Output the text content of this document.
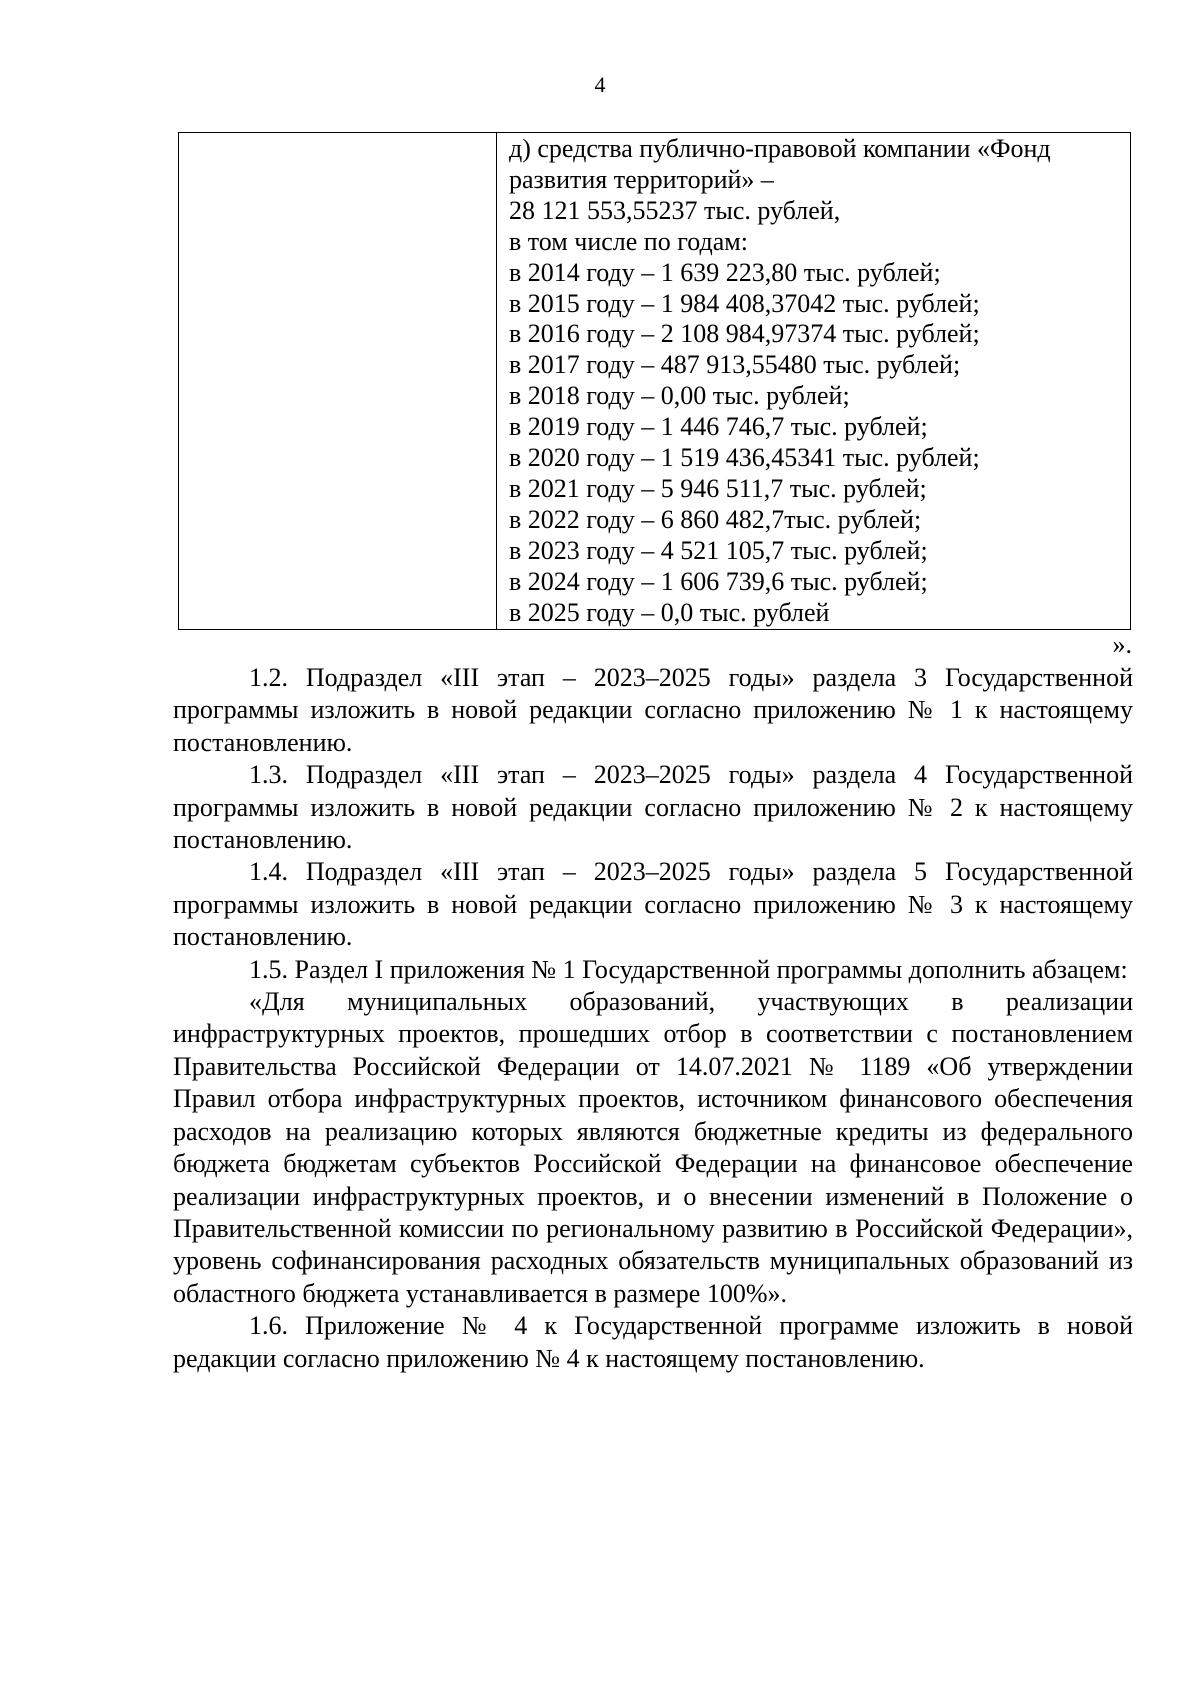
4

д) средства публично-правовой компании «Фонд
развития территорий» –
28 121 553,55237 тыс. рублей,
в том числе по годам:
в 2014 году – 1 639 223,80 тыс. рублей;
в 2015 году – 1 984 408,37042 тыс. рублей;
в 2016 году – 2 108 984,97374 тыс. рублей;
в 2017 году – 487 913,55480 тыс. рублей;
в 2018 году – 0,00 тыс. рублей;
в 2019 году – 1 446 746,7 тыс. рублей;
в 2020 году – 1 519 436,45341 тыс. рублей;
в 2021 году – 5 946 511,7 тыс. рублей;
в 2022 году – 6 860 482,7тыс. рублей;
в 2023 году – 4 521 105,7 тыс. рублей;
в 2024 году – 1 606 739,6 тыс. рублей;
в 2025 году – 0,0 тыс. рублей
».

1.2. Подраздел «III этап – 2023–2025 годы» раздела 3 Государственной программы изложить в новой редакции согласно приложению № 1 к настоящему постановлению.

1.3. Подраздел «III этап – 2023–2025 годы» раздела 4 Государственной программы изложить в новой редакции согласно приложению № 2 к настоящему постановлению.

1.4. Подраздел «III этап – 2023–2025 годы» раздела 5 Государственной программы изложить в новой редакции согласно приложению № 3 к настоящему постановлению.

1.5. Раздел I приложения № 1 Государственной программы дополнить абзацем:

«Для муниципальных образований, участвующих в реализации инфраструктурных проектов, прошедших отбор в соответствии с постановлением Правительства Российской Федерации от 14.07.2021 № 1189 «Об утверждении Правил отбора инфраструктурных проектов, источником финансового обеспечения расходов на реализацию которых являются бюджетные кредиты из федерального бюджета бюджетам субъектов Российской Федерации на финансовое обеспечение реализации инфраструктурных проектов, и о внесении изменений в Положение о Правительственной комиссии по региональному развитию в Российской Федерации», уровень софинансирования расходных обязательств муниципальных образований из областного бюджета устанавливается в размере 100%».

1.6. Приложение № 4 к Государственной программе изложить в новой редакции согласно приложению № 4 к настоящему постановлению.
